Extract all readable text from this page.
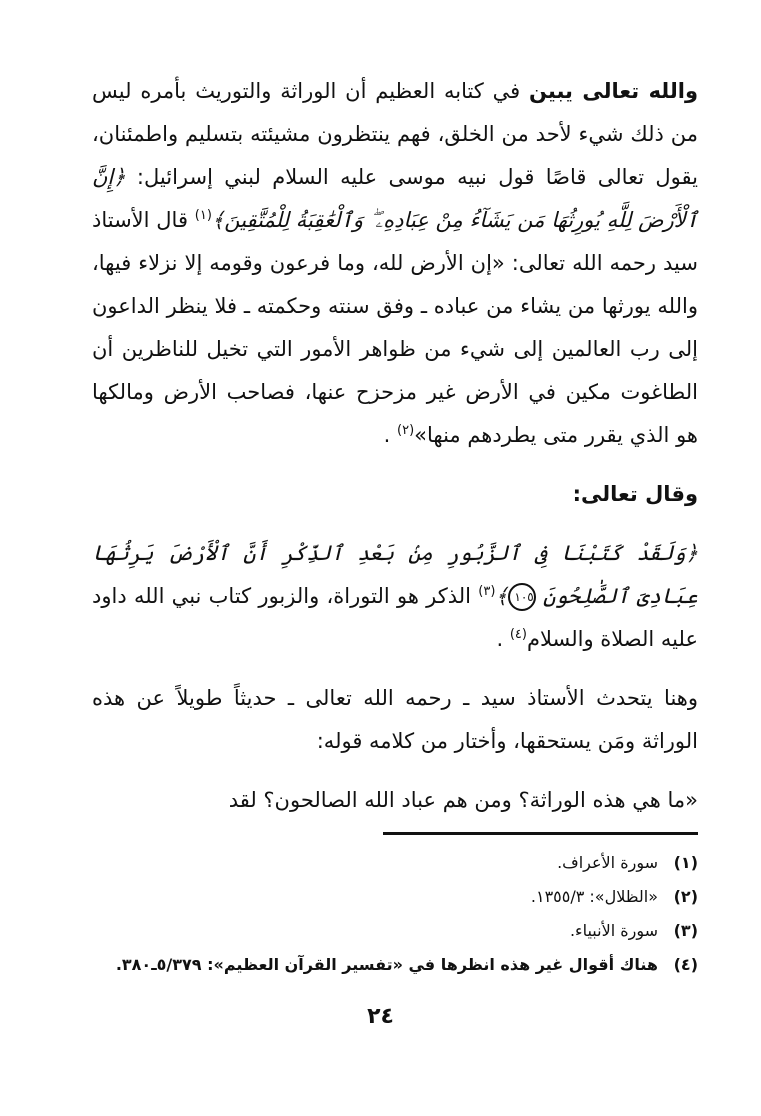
والله تعالى يبين في كتابه العظيم أن الوراثة والتوريث بأمره ليس من ذلك شيء لأحد من الخلق، فهم ينتظرون مشيئته بتسليم واطمئنان، يقول تعالى قاصًا قول نبيه موسى عليه السلام لبني إسرائيل: ﴿إِنَّ ٱلْأَرْضَ لِلَّهِ يُورِثُهَا مَن يَشَآءُ مِنْ عِبَادِهِۦ ۖ وَٱلْعَٰقِبَةُ لِلْمُتَّقِينَ﴾$^{(١)}$ قال الأستاذ سيد رحمه الله تعالى: «إن الأرض لله، وما فرعون وقومه إلا نزلاء فيها، والله يورثها من يشاء من عباده ـ وفق سنته وحكمته ـ فلا ينظر الداعون إلى رب العالمين إلى شيء من ظواهر الأمور التي تخيل للناظرين أن الطاغوت مكين في الأرض غير مزحزح عنها، فصاحب الأرض ومالكها هو الذي يقرر متى يطردهم منها»$^{(٢)}$ .

وقال تعالى:

﴿وَلَقَدْ كَتَبْنَا فِى ٱلزَّبُورِ مِنۢ بَعْدِ ٱلذِّكْرِ أَنَّ ٱلْأَرْضَ يَرِثُهَا عِبَادِىَ ٱلصَّٰلِحُونَ ١٠٥﴾$^{(٣)}$ الذكر هو التوراة، والزبور كتاب نبي الله داود عليه الصلاة والسلام$^{(٤)}$ .

وهنا يتحدث الأستاذ سيد ـ رحمه الله تعالى ـ حديثاً طويلاً عن هذه الوراثة ومَن يستحقها، وأختار من كلامه قوله:

«ما هي هذه الوراثة؟ ومن هم عباد الله الصالحون؟ لقد

(١)سورة الأعراف.
(٢)«الظلال»: ١٣٥٥/٣.
(٣)سورة الأنبياء.
(٤)هناك أقوال غير هذه انظرها في «تفسير القرآن العظيم»: ٥/٣٧٩ـ٣٨٠.
٢٤
